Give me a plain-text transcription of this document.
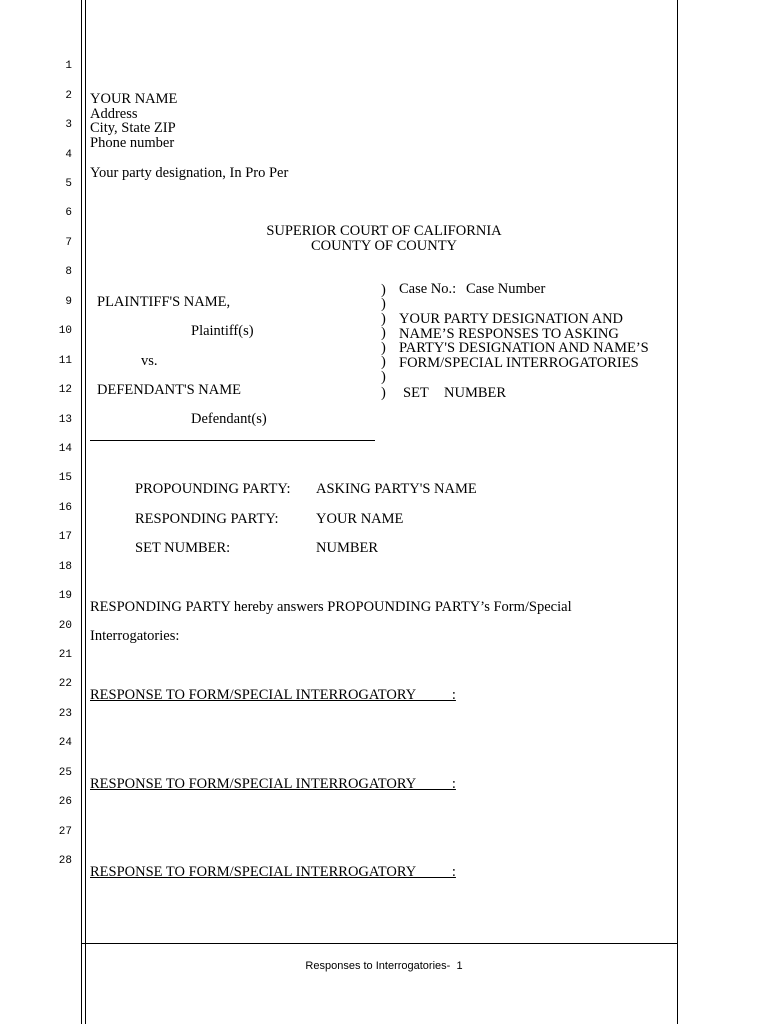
1
2
3
4
5
6
7
8
9
10
11
12
13
14
15
16
17
18
19
20
21
22
23
24
25
26
27
28
YOUR NAME
Address
City, State ZIP
Phone number
Your party designation, In Pro Per
SUPERIOR COURT OF CALIFORNIA
COUNTY OF COUNTY
PLAINTIFF'S NAME,
Plaintiff(s)
vs.
DEFENDANT'S NAME
Defendant(s)
)
)
)
)
)
)
)
)
Case No.: Case Number
YOUR PARTY DESIGNATION AND
NAME’S RESPONSES TO ASKING
PARTY'S DESIGNATION AND NAME’S
FORM/SPECIAL INTERROGATORIES
SET NUMBER
PROPOUNDING PARTY: ASKING PARTY'S NAME
RESPONDING PARTY:	YOUR NAME
SET NUMBER:	NUMBER
RESPONDING PARTY hereby answers PROPOUNDING PARTY’s Form/Special
Interrogatories:
RESPONSE TO FORM/SPECIAL INTERROGATORY          :
RESPONSE TO FORM/SPECIAL INTERROGATORY          :
RESPONSE TO FORM/SPECIAL INTERROGATORY          :
Responses to Interrogatories- 1
